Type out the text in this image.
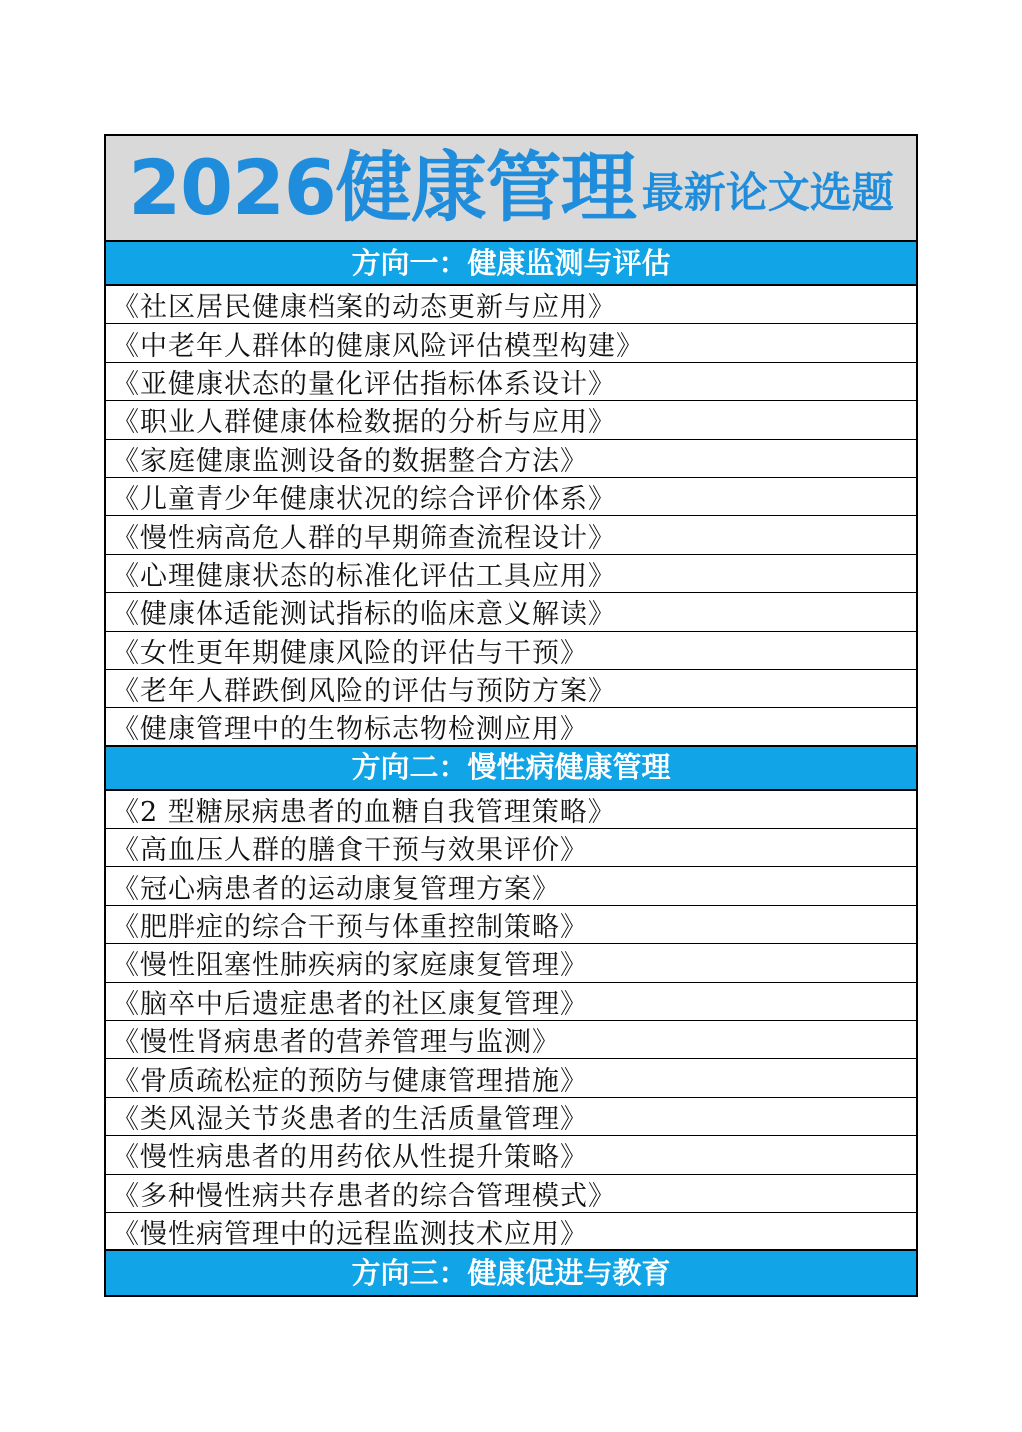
2026健康管理 最新论文选题
方向一：健康监测与评估
《社区居民健康档案的动态更新与应用》
《中老年人群体的健康风险评估模型构建》
《亚健康状态的量化评估指标体系设计》
《职业人群健康体检数据的分析与应用》
《家庭健康监测设备的数据整合方法》
《儿童青少年健康状况的综合评价体系》
《慢性病高危人群的早期筛查流程设计》
《心理健康状态的标准化评估工具应用》
《健康体适能测试指标的临床意义解读》
《女性更年期健康风险的评估与干预》
《老年人群跌倒风险的评估与预防方案》
《健康管理中的生物标志物检测应用》
方向二：慢性病健康管理
《2 型糖尿病患者的血糖自我管理策略》
《高血压人群的膳食干预与效果评价》
《冠心病患者的运动康复管理方案》
《肥胖症的综合干预与体重控制策略》
《慢性阻塞性肺疾病的家庭康复管理》
《脑卒中后遗症患者的社区康复管理》
《慢性肾病患者的营养管理与监测》
《骨质疏松症的预防与健康管理措施》
《类风湿关节炎患者的生活质量管理》
《慢性病患者的用药依从性提升策略》
《多种慢性病共存患者的综合管理模式》
《慢性病管理中的远程监测技术应用》
方向三：健康促进与教育
